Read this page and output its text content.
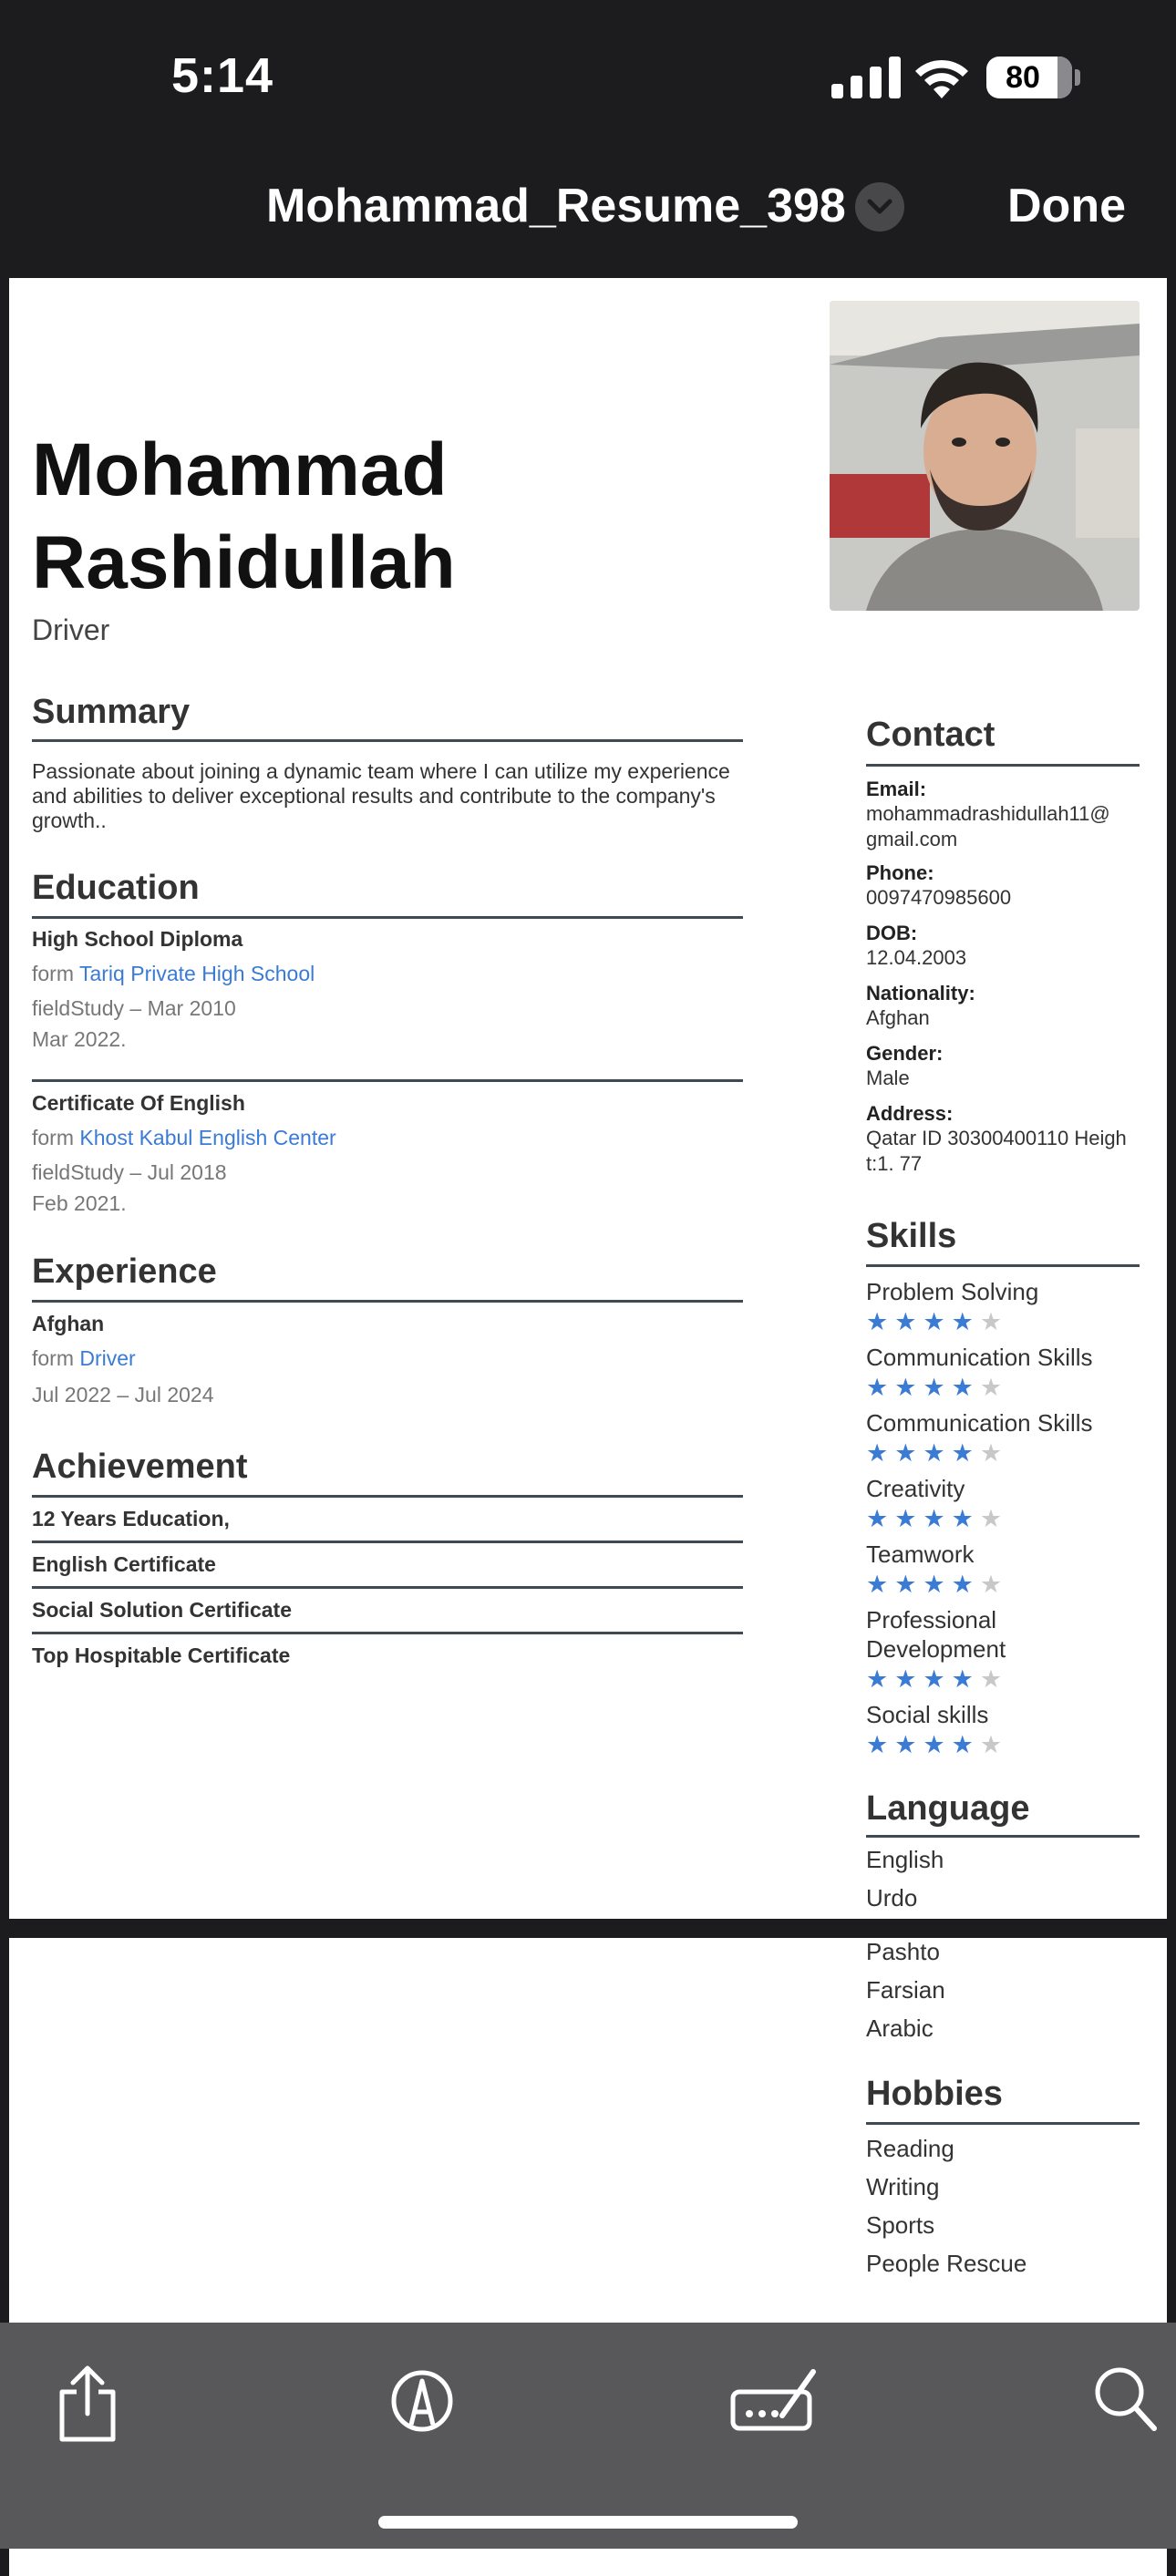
5:14	80
Mohammad_Resume_398	Done
Mohammad
Rashidullah
Driver
Summary
Passionate about joining a dynamic team where I can utilize my experience and abilities to deliver exceptional results and contribute to the company's growth..
Education
High School Diploma
form Tariq Private High School
fieldStudy – Mar 2010
Mar 2022.
Certificate Of English
form Khost Kabul English Center
fieldStudy – Jul 2018
Feb 2021.
Experience
Afghan
form Driver
Jul 2022 – Jul 2024
Achievement
12 Years Education,
English Certificate
Social Solution Certificate
Top Hospitable Certificate
Contact
Email:
mohammadrashidullah11@
gmail.com
Phone:
0097470985600
DOB:
12.04.2003
Nationality:
Afghan
Gender:
Male
Address:
Qatar ID 30300400110 Heigh
t:1. 77
Skills
Language
English
Urdo
Problem Solving
★★★★★
Communication Skills
★★★★★
Communication Skills
★★★★★
Creativity
★★★★★
Teamwork
★★★★★
Professional
Development
★★★★★
Social skills
★★★★★
Pashto
Farsian
Arabic
Hobbies
Reading
Writing
Sports
People Rescue
